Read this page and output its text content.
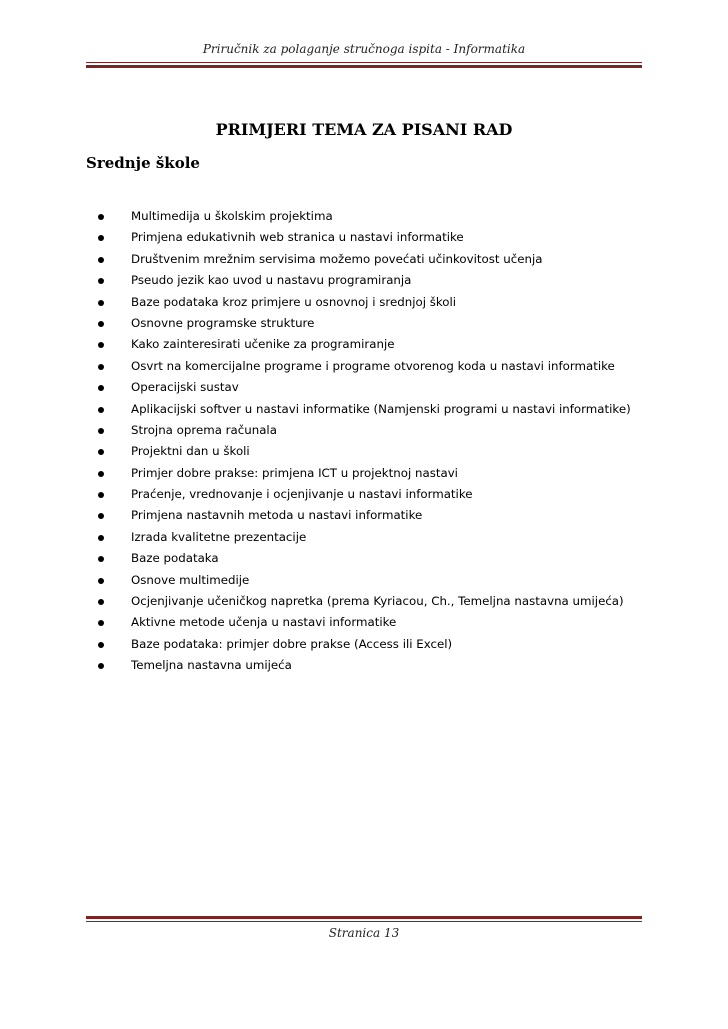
Priručnik za polaganje stručnoga ispita - Informatika
PRIMJERI TEMA ZA PISANI RAD
Srednje škole
Multimedija u školskim projektima
Primjena edukativnih web stranica u nastavi informatike
Društvenim mrežnim servisima možemo povećati učinkovitost učenja
Pseudo jezik kao uvod u nastavu programiranja
Baze podataka kroz primjere u osnovnoj i srednjoj školi
Osnovne programske strukture
Kako zainteresirati učenike za programiranje
Osvrt na komercijalne programe i programe otvorenog koda u nastavi informatike
Operacijski sustav
Aplikacijski softver u nastavi informatike (Namjenski programi u nastavi informatike)
Strojna oprema računala
Projektni dan u školi
Primjer dobre prakse: primjena ICT u projektnoj nastavi
Praćenje, vrednovanje i ocjenjivanje u nastavi informatike
Primjena nastavnih metoda u nastavi informatike
Izrada kvalitetne prezentacije
Baze podataka
Osnove multimedije
Ocjenjivanje učeničkog napretka (prema Kyriacou, Ch., Temeljna nastavna umijeća)
Aktivne metode učenja u nastavi informatike
Baze podataka: primjer dobre prakse (Access ili Excel)
Temeljna nastavna umijeća
Stranica 13
